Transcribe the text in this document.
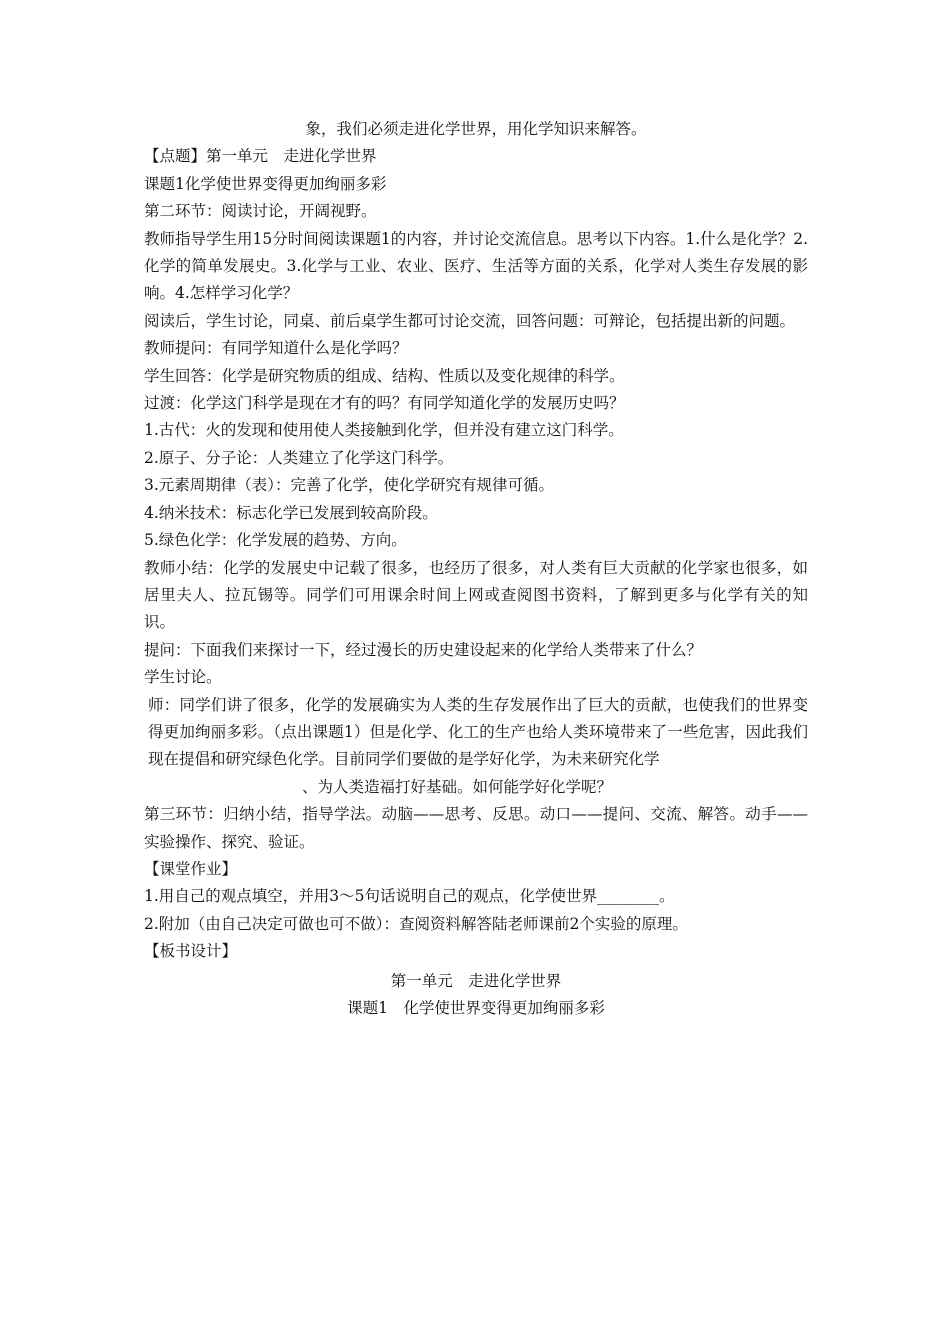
象，我们必须走进化学世界，用化学知识来解答。
【点题】第一单元　走进化学世界
课题1化学使世界变得更加绚丽多彩
第二环节：阅读讨论，开阔视野。
教师指导学生用15分时间阅读课题1的内容，并讨论交流信息。思考以下内容。1.什么是化学？2.化学的简单发展史。3.化学与工业、农业、医疗、生活等方面的关系，化学对人类生存发展的影响。4.怎样学习化学？
阅读后，学生讨论，同桌、前后桌学生都可讨论交流，回答问题：可辩论，包括提出新的问题。
教师提问：有同学知道什么是化学吗？
学生回答：化学是研究物质的组成、结构、性质以及变化规律的科学。
过渡：化学这门科学是现在才有的吗？有同学知道化学的发展历史吗？
1.古代：火的发现和使用使人类接触到化学，但并没有建立这门科学。
2.原子、分子论：人类建立了化学这门科学。
3.元素周期律（表）：完善了化学，使化学研究有规律可循。
4.纳米技术：标志化学已发展到较高阶段。
5.绿色化学：化学发展的趋势、方向。
教师小结：化学的发展史中记载了很多，也经历了很多，对人类有巨大贡献的化学家也很多，如居里夫人、拉瓦锡等。同学们可用课余时间上网或查阅图书资料，了解到更多与化学有关的知识。
提问：下面我们来探讨一下，经过漫长的历史建设起来的化学给人类带来了什么？
学生讨论。
师：同学们讲了很多，化学的发展确实为人类的生存发展作出了巨大的贡献，也使我们的世界变得更加绚丽多彩。（点出课题1）但是化学、化工的生产也给人类环境带来了一些危害，因此我们现在提倡和研究绿色化学。目前同学们要做的是学好化学，为未来研究化学
、为人类造福打好基础。如何能学好化学呢？
第三环节：归纳小结，指导学法。动脑——思考、反思。动口——提问、交流、解答。动手——实验操作、探究、验证。
【课堂作业】
1.用自己的观点填空，并用3～5句话说明自己的观点，化学使世界________。
2.附加（由自己决定可做也可不做）：查阅资料解答陆老师课前2个实验的原理。
【板书设计】
第一单元　走进化学世界
课题1　化学使世界变得更加绚丽多彩
